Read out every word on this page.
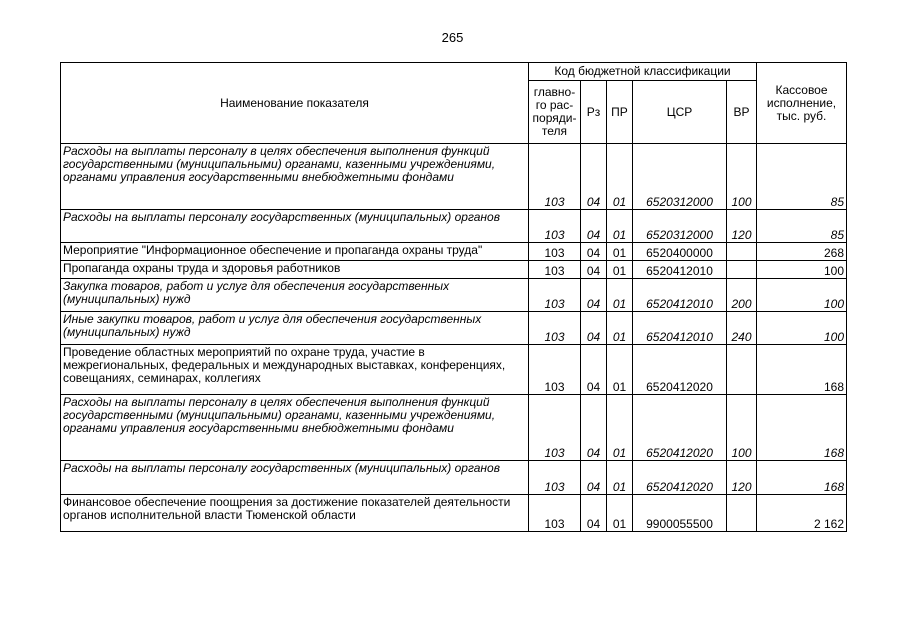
265
Наименование показателя	Код бюджетной классификации					Кассовое исполнение, тыс. руб.
	главно-го рас-поряди-теля	Рз	ПР	ЦСР	ВР	
Расходы на выплаты персоналу в целях обеспечения выполнения функций государственными (муниципальными) органами, казенными учреждениями, органами управления государственными внебюджетными фондами	103	04	01	6520312000	100	85
Расходы на выплаты персоналу государственных (муниципальных) органов	103	04	01	6520312000	120	85
Мероприятие "Информационное обеспечение и пропаганда охраны труда"	103	04	01	6520400000		268
Пропаганда охраны труда и здоровья работников	103	04	01	6520412010		100
Закупка товаров, работ и услуг для обеспечения государственных (муниципальных) нужд	103	04	01	6520412010	200	100
Иные закупки товаров, работ и услуг для обеспечения государственных (муниципальных) нужд	103	04	01	6520412010	240	100
Проведение областных мероприятий по охране труда, участие в межрегиональных, федеральных и международных выставках, конференциях, совещаниях, семинарах, коллегиях	103	04	01	6520412020		168
Расходы на выплаты персоналу в целях обеспечения выполнения функций государственными (муниципальными) органами, казенными учреждениями, органами управления государственными внебюджетными фондами	103	04	01	6520412020	100	168
Расходы на выплаты персоналу государственных (муниципальных) органов	103	04	01	6520412020	120	168
Финансовое обеспечение поощрения за достижение показателей деятельности органов исполнительной власти Тюменской области	103	04	01	9900055500		2 162
